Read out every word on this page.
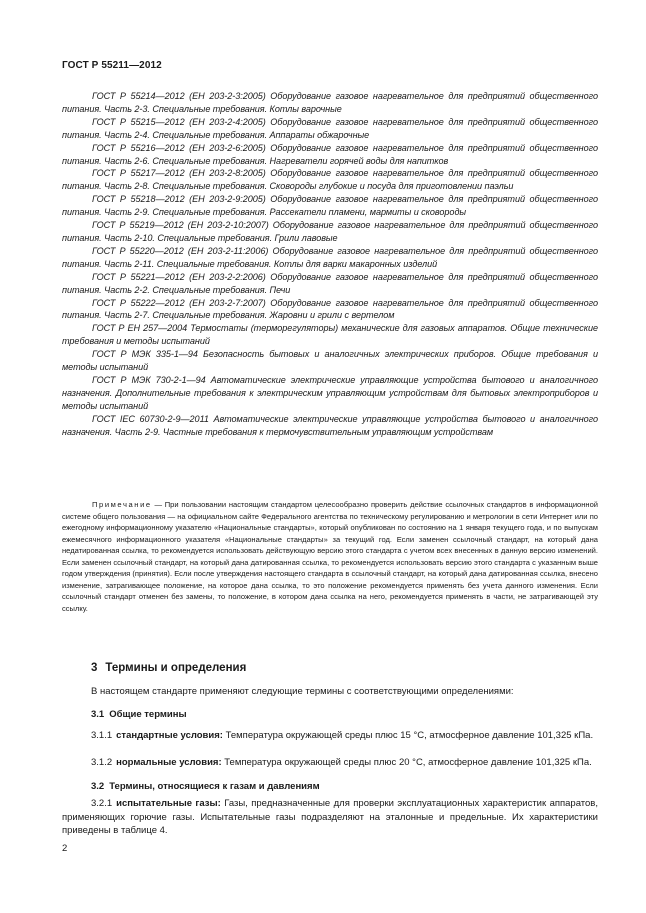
ГОСТ Р 55211—2012

ГОСТ Р 55214—2012 (ЕН 203-2-3:2005) Оборудование газовое нагревательное для предприятий общественного питания. Часть 2-3. Специальные требования. Котлы варочные

ГОСТ Р 55215—2012 (ЕН 203-2-4:2005) Оборудование газовое нагревательное для предприятий общественного питания. Часть 2-4. Специальные требования. Аппараты обжарочные

ГОСТ Р 55216—2012 (ЕН 203-2-6:2005) Оборудование газовое нагревательное для предприятий общественного питания. Часть 2-6. Специальные требования. Нагреватели горячей воды для напитков

ГОСТ Р 55217—2012 (ЕН 203-2-8:2005) Оборудование газовое нагревательное для предприятий общественного питания. Часть 2-8. Специальные требования. Сковороды глубокие и посуда для приготовлении паэльи

ГОСТ Р 55218—2012 (ЕН 203-2-9:2005) Оборудование газовое нагревательное для предприятий общественного питания. Часть 2-9. Специальные требования. Рассекатели пламени, мармиты и сковороды

ГОСТ Р 55219—2012 (ЕН 203-2-10:2007) Оборудование газовое нагревательное для предприятий общественного питания. Часть 2-10. Специальные требования. Грили лавовые

ГОСТ Р 55220—2012 (ЕН 203-2-11:2006) Оборудование газовое нагревательное для предприятий общественного питания. Часть 2-11. Специальные требования. Котлы для варки макаронных изделий

ГОСТ Р 55221—2012 (ЕН 203-2-2:2006) Оборудование газовое нагревательное для предприятий общественного питания. Часть 2-2. Специальные требования. Печи

ГОСТ Р 55222—2012 (ЕН 203-2-7:2007) Оборудование газовое нагревательное для предприятий общественного питания. Часть 2-7. Специальные требования. Жаровни и грили с вертелом

ГОСТ Р ЕН 257—2004 Термостаты (терморегуляторы) механические для газовых аппаратов. Общие технические требования и методы испытаний

ГОСТ Р МЭК 335-1—94 Безопасность бытовых и аналогичных электрических приборов. Общие требования и методы испытаний

ГОСТ Р МЭК 730-2-1—94 Автоматические электрические управляющие устройства бытового и аналогичного назначения. Дополнительные требования к электрическим управляющим устройствам для бытовых электроприборов и методы испытаний

ГОСТ IEC 60730-2-9—2011 Автоматические электрические управляющие устройства бытового и аналогичного назначения. Часть 2-9. Частные требования к термочувствительным управляющим устройствам

Примечание — При пользовании настоящим стандартом целесообразно проверить действие ссылочных стандартов в информационной системе общего пользования — на официальном сайте Федерального агентства по техническому регулированию и метрологии в сети Интернет или по ежегодному информационному указателю «Национальные стандарты», который опубликован по состоянию на 1 января текущего года, и по выпускам ежемесячного информационного указателя «Национальные стандарты» за текущий год. Если заменен ссылочный стандарт, на который дана недатированная ссылка, то рекомендуется использовать действующую версию этого стандарта с учетом всех внесенных в данную версию изменений. Если заменен ссылочный стандарт, на который дана датированная ссылка, то рекомендуется использовать версию этого стандарта с указанным выше годом утверждения (принятия). Если после утверждения настоящего стандарта в ссылочный стандарт, на который дана датированная ссылка, внесено изменение, затрагивающее положение, на которое дана ссылка, то это положение рекомендуется применять без учета данного изменения. Если ссылочный стандарт отменен без замены, то положение, в котором дана ссылка на него, рекомендуется применять в части, не затрагивающей эту ссылку.

3 Термины и определения

В настоящем стандарте применяют следующие термины с соответствующими определениями:

3.1 Общие термины

3.1.1 стандартные условия: Температура окружающей среды плюс 15 °С, атмосферное давление 101,325 кПа.

3.1.2 нормальные условия: Температура окружающей среды плюс 20 °С, атмосферное давление 101,325 кПа.

3.2 Термины, относящиеся к газам и давлениям

3.2.1 испытательные газы: Газы, предназначенные для проверки эксплуатационных характеристик аппаратов, применяющих горючие газы. Испытательные газы подразделяют на эталонные и предельные. Их характеристики приведены в таблице 4.

2
